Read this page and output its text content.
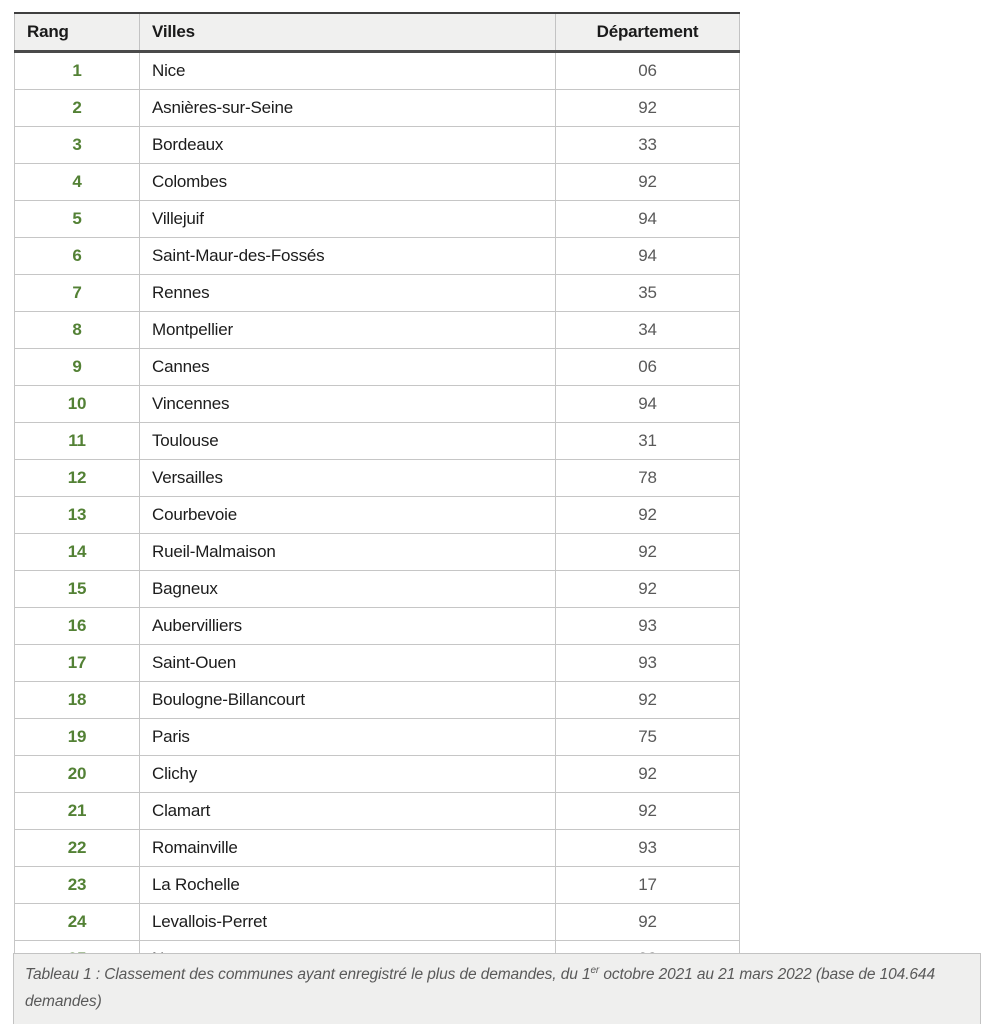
Rang	Villes	Département
1	Nice	06
2	Asnières-sur-Seine	92
3	Bordeaux	33
4	Colombes	92
5	Villejuif	94
6	Saint-Maur-des-Fossés	94
7	Rennes	35
8	Montpellier	34
9	Cannes	06
10	Vincennes	94
11	Toulouse	31
12	Versailles	78
13	Courbevoie	92
14	Rueil-Malmaison	92
15	Bagneux	92
16	Aubervilliers	93
17	Saint-Ouen	93
18	Boulogne-Billancourt	92
19	Paris	75
20	Clichy	92
21	Clamart	92
22	Romainville	93
23	La Rochelle	17
24	Levallois-Perret	92

Tableau 1 : Classement des communes ayant enregistré le plus de demandes, du 1er octobre 2021 au 21 mars 2022 (base de 104.644 demandes)
